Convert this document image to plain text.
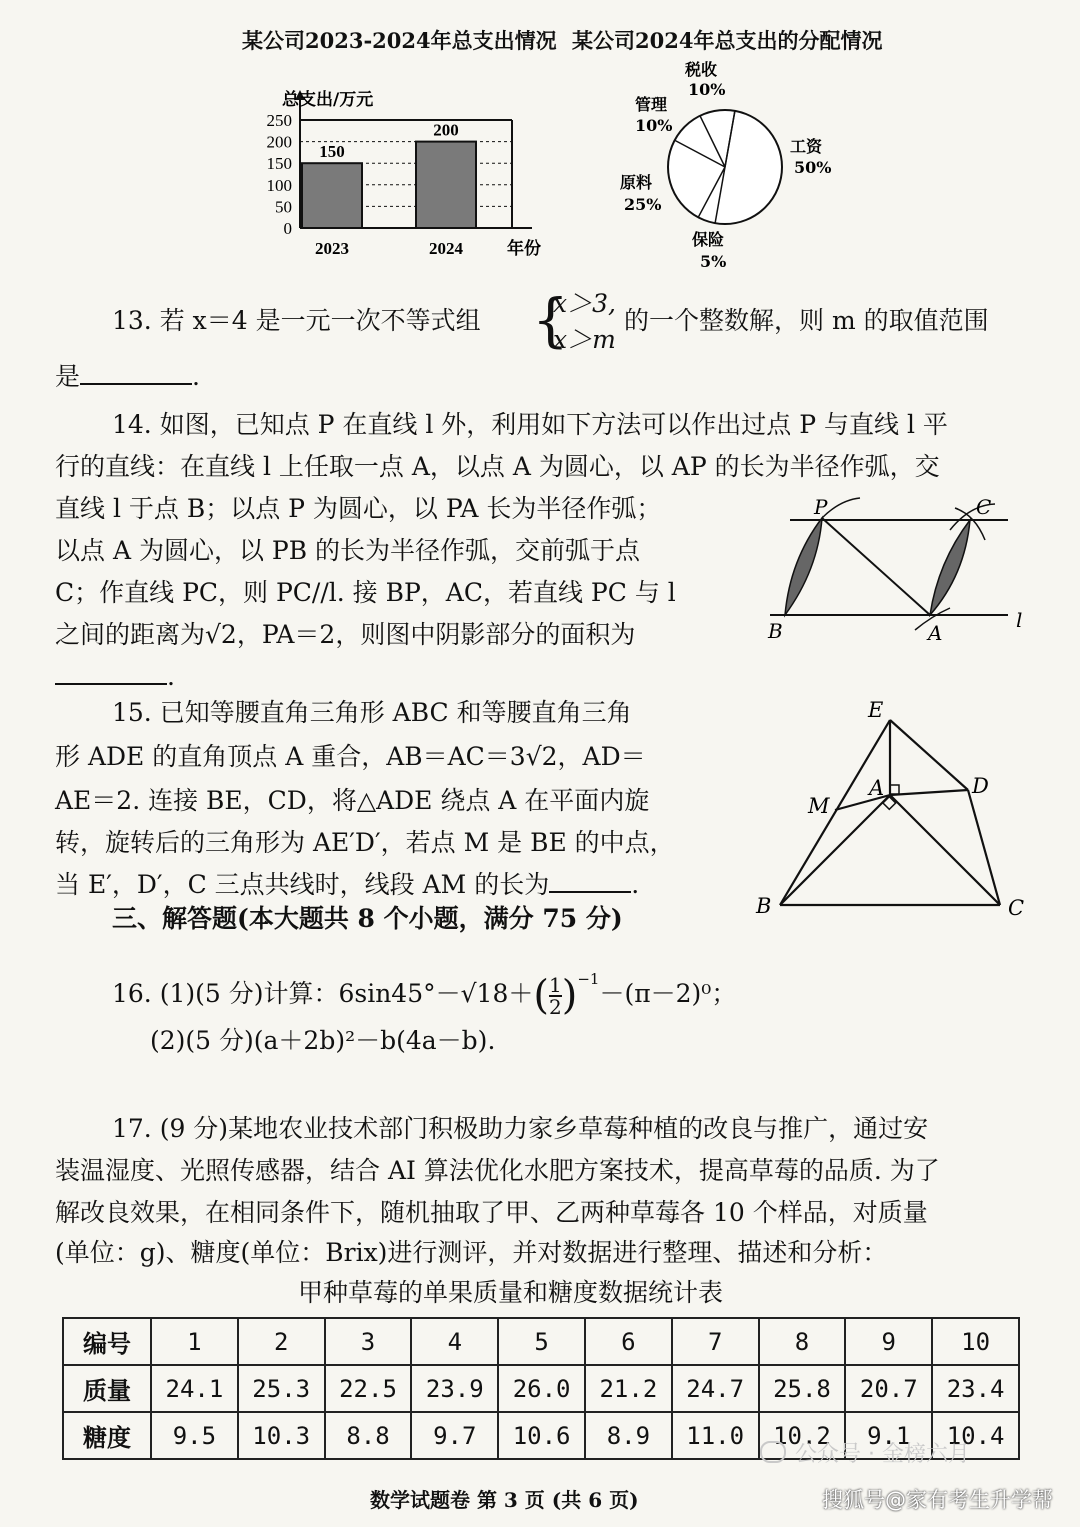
某公司2023-2024年总支出情况 某公司2024年总支出的分配情况
0
50
100
150
200
250
150
2023
200
2024
总支出/万元
年份
税收
10%
管理
10%
工资
50%
原料
25%
保险
5%
13. 若 x＝4 是一元一次不等式组 {
x＞3,
x＞m
的一个整数解，则 m 的取值范围
是	.
14. 如图，已知点 P 在直线 l 外，利用如下方法可以作出过点 P 与直线 l 平
行的直线：在直线 l 上任取一点 A，以点 A 为圆心，以 AP 的长为半径作弧，交
直线 l 于点 B；以点 P 为圆心，以 PA 长为半径作弧；
以点 A 为圆心，以 PB 的长为半径作弧，交前弧于点
C；作直线 PC，则 PC//l. 接 BP，AC，若直线 PC 与 l
之间的距离为√2，PA＝2，则图中阴影部分的面积为
.
P	C
B	A
l
15. 已知等腰直角三角形 ABC 和等腰直角三角
形 ADE 的直角顶点 A 重合，AB＝AC＝3√2，AD＝
AE＝2. 连接 BE，CD，将△ADE 绕点 A 在平面内旋
转，旋转后的三角形为 AE′D′，若点 M 是 BE 的中点，
当 E′，D′，C 三点共线时，线段 AM 的长为	.
E
A	D
M
B	C
三、解答题(本大题共 8 个小题，满分 75 分)
16. (1)(5 分)计算：$6\sin 45^\circ-√18+( \frac{1}{2} )^{-1}-(\pi-2)^0$；
(2)(5 分)(a＋2b)²－b(4a－b).
17. (9 分)某地农业技术部门积极助力家乡草莓种植的改良与推广，通过安
装温湿度、光照传感器，结合 AI 算法优化水肥方案技术，提高草莓的品质. 为了
解改良效果，在相同条件下，随机抽取了甲、乙两种草莓各 10 个样品，对质量
(单位：g)、糖度(单位：Brix)进行测评，并对数据进行整理、描述和分析：
甲种草莓的单果质量和糖度数据统计表
编号	1	2	3	4	5	6	7	8	9	10
质量	24.1	25.3	22.5	23.9	26.0	21.2	24.7	25.8	20.7	23.4
糖度	9.5	10.3	8.8	9.7	10.6	8.9	11.0	10.2	9.1	10.4
数学试题卷 第 3 页 (共 6 页)
公众号 · 金榜六月
搜狐号@家有考生升学帮
